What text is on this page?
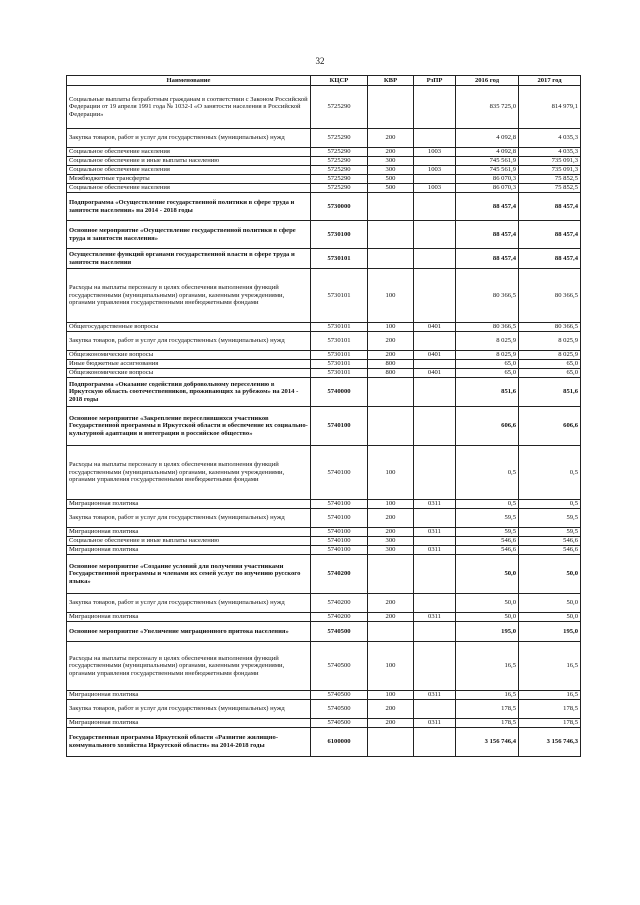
32
Наименование	КЦСР	КВР	РзПР	2016 год	2017 год
Социальные выплаты безработным гражданам в соответствии с Законом Российской Федерации от 19 апреля 1991 года № 1032-I «О занятости населения в Российской Федерации»	5725290			835 725,0	814 979,1
Закупка товаров, работ и услуг для государственных (муниципальных) нужд	5725290	200		4 092,8	4 035,3
Социальное обеспечение населения	5725290	200	1003	4 092,8	4 035,3
Социальное обеспечение и иные выплаты населению	5725290	300		745 561,9	735 091,3
Социальное обеспечение населения	5725290	300	1003	745 561,9	735 091,3
Межбюджетные трансферты	5725290	500		86 070,3	75 852,5
Социальное обеспечение населения	5725290	500	1003	86 070,3	75 852,5
Подпрограмма «Осуществление государственной политики в сфере труда и занятости населения» на 2014 - 2018 годы	5730000			88 457,4	88 457,4
Основное мероприятие «Осуществление государственной политики в сфере труда и занятости населения»	5730100			88 457,4	88 457,4
Осуществление функций органами государственной власти в сфере труда и занятости населения	5730101			88 457,4	88 457,4
Расходы на выплаты персоналу в целях обеспечения выполнения функций государственными (муниципальными) органами, казенными учреждениями, органами управления государственными внебюджетными фондами	5730101	100		80 366,5	80 366,5
Общегосударственные вопросы	5730101	100	0401	80 366,5	80 366,5
Закупка товаров, работ и услуг для государственных (муниципальных) нужд	5730101	200		8 025,9	8 025,9
Общеэкономические вопросы	5730101	200	0401	8 025,9	8 025,9
Иные бюджетные ассигнования	5730101	800		65,0	65,0
Общеэкономические вопросы	5730101	800	0401	65,0	65,0
Подпрограмма «Оказание содействия добровольному переселению в Иркутскую область соотечественников, проживающих за рубежом» на 2014 - 2018 годы	5740000			851,6	851,6
Основное мероприятие «Закрепление переселившихся участников Государственной программы в Иркутской области и обеспечение их социально-культурной адаптации и интеграции в российское общество»	5740100			606,6	606,6
Расходы на выплаты персоналу в целях обеспечения выполнения функций государственными (муниципальными) органами, казенными учреждениями, органами управления государственными внебюджетными фондами	5740100	100		0,5	0,5
Миграционная политика	5740100	100	0311	0,5	0,5
Закупка товаров, работ и услуг для государственных (муниципальных) нужд	5740100	200		59,5	59,5
Миграционная политика	5740100	200	0311	59,5	59,5
Социальное обеспечение и иные выплаты населению	5740100	300		546,6	546,6
Миграционная политика	5740100	300	0311	546,6	546,6
Основное мероприятие «Создание условий для получения участниками Государственной программы и членами их семей услуг по изучению русского языка»	5740200			50,0	50,0
Закупка товаров, работ и услуг для государственных (муниципальных) нужд	5740200	200		50,0	50,0
Миграционная политика	5740200	200	0311	50,0	50,0
Основное мероприятие «Увеличение миграционного притока населения»	5740500			195,0	195,0
Расходы на выплаты персоналу в целях обеспечения выполнения функций государственными (муниципальными) органами, казенными учреждениями, органами управления государственными внебюджетными фондами	5740500	100		16,5	16,5
Миграционная политика	5740500	100	0311	16,5	16,5
Закупка товаров, работ и услуг для государственных (муниципальных) нужд	5740500	200		178,5	178,5
Миграционная политика	5740500	200	0311	178,5	178,5
Государственная программа Иркутской области «Развитие жилищно-коммунального хозяйства Иркутской области» на 2014-2018 годы	6100000			3 156 746,4	3 156 746,3
